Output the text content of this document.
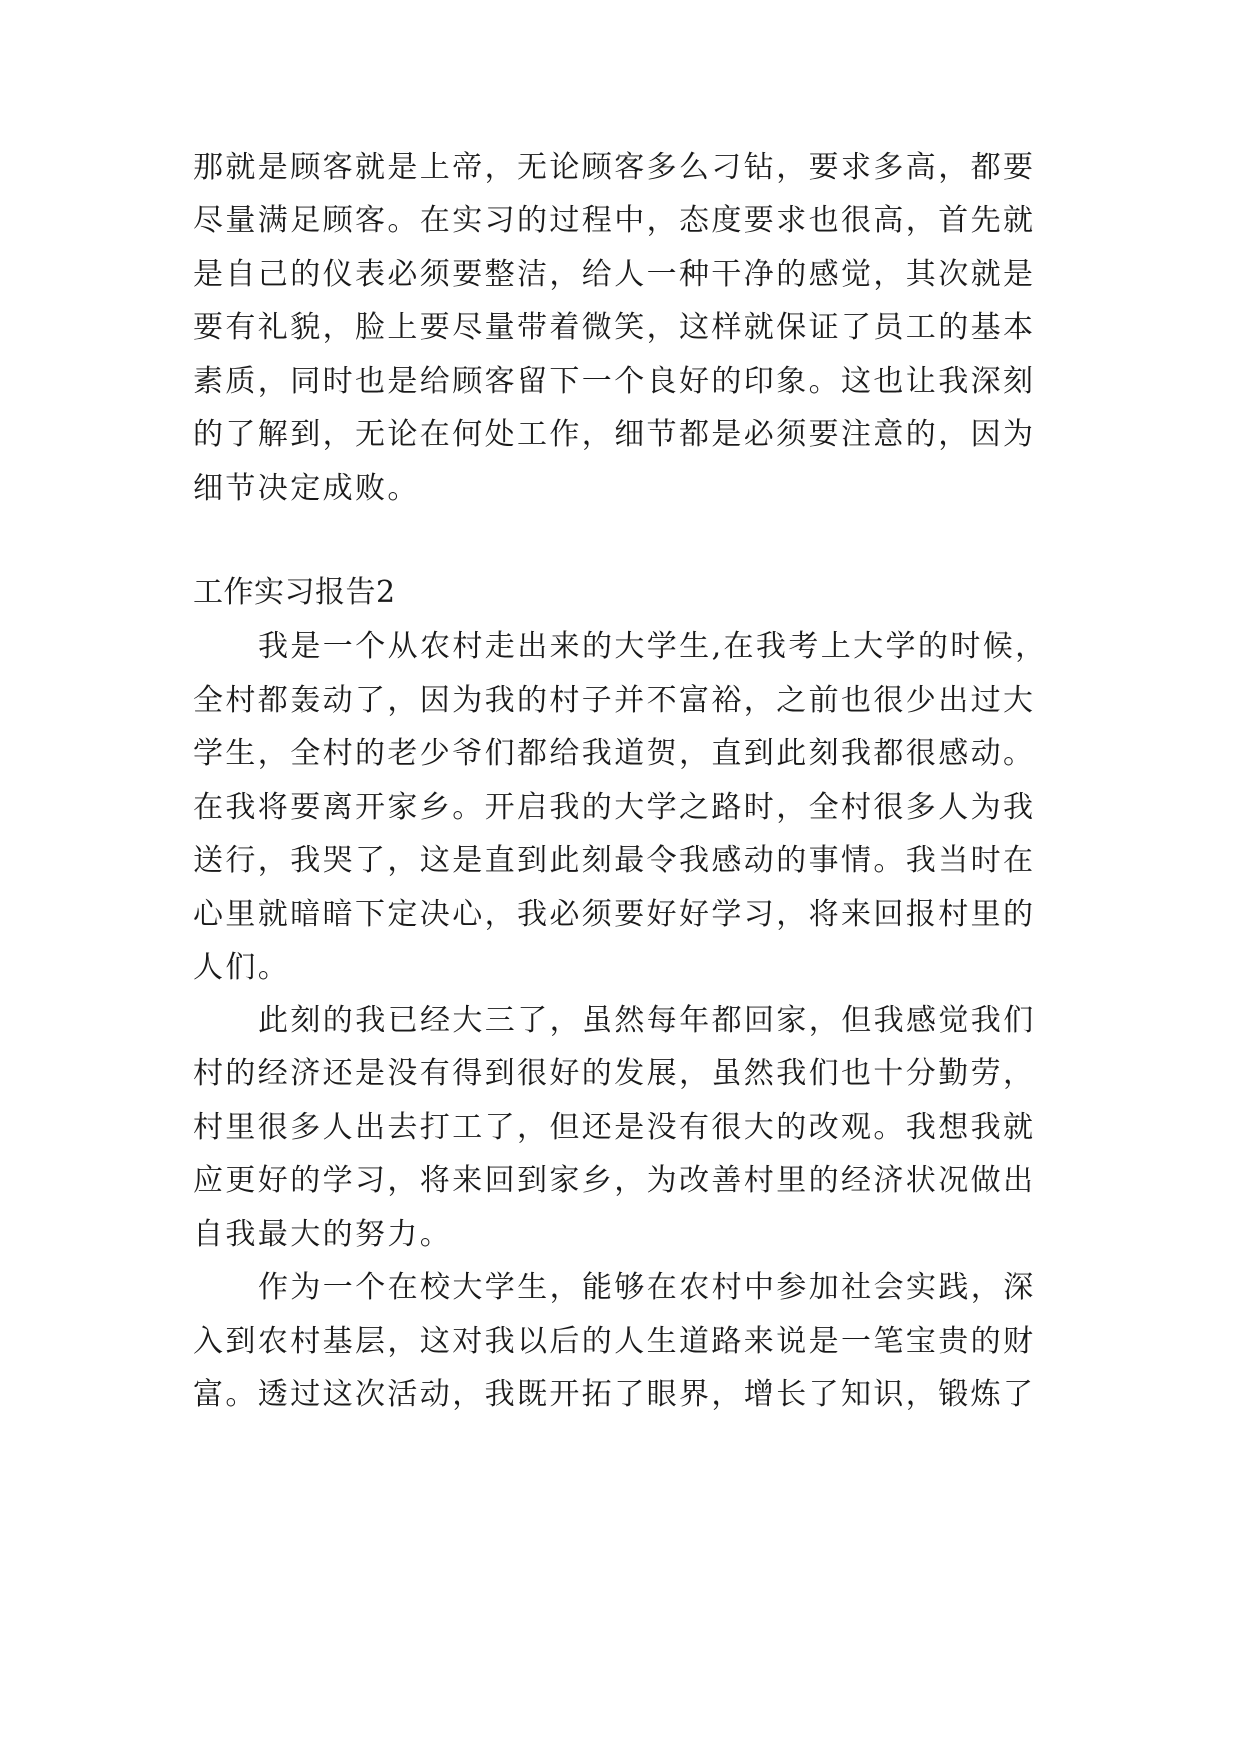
那就是顾客就是上帝，无论顾客多么刁钻，要求多高，都要
尽量满足顾客。在实习的过程中，态度要求也很高，首先就
是自己的仪表必须要整洁，给人一种干净的感觉，其次就是
要有礼貌，脸上要尽量带着微笑，这样就保证了员工的基本
素质，同时也是给顾客留下一个良好的印象。这也让我深刻
的了解到，无论在何处工作，细节都是必须要注意的，因为
细节决定成败。
工作实习报告2
我是一个从农村走出来的大学生,在我考上大学的时候，
全村都轰动了，因为我的村子并不富裕，之前也很少出过大
学生，全村的老少爷们都给我道贺，直到此刻我都很感动。
在我将要离开家乡。开启我的大学之路时，全村很多人为我
送行，我哭了，这是直到此刻最令我感动的事情。我当时在
心里就暗暗下定决心，我必须要好好学习，将来回报村里的
人们。
此刻的我已经大三了，虽然每年都回家，但我感觉我们
村的经济还是没有得到很好的发展，虽然我们也十分勤劳，
村里很多人出去打工了，但还是没有很大的改观。我想我就
应更好的学习，将来回到家乡，为改善村里的经济状况做出
自我最大的努力。
作为一个在校大学生，能够在农村中参加社会实践，深
入到农村基层，这对我以后的人生道路来说是一笔宝贵的财
富。透过这次活动，我既开拓了眼界，增长了知识，锻炼了
